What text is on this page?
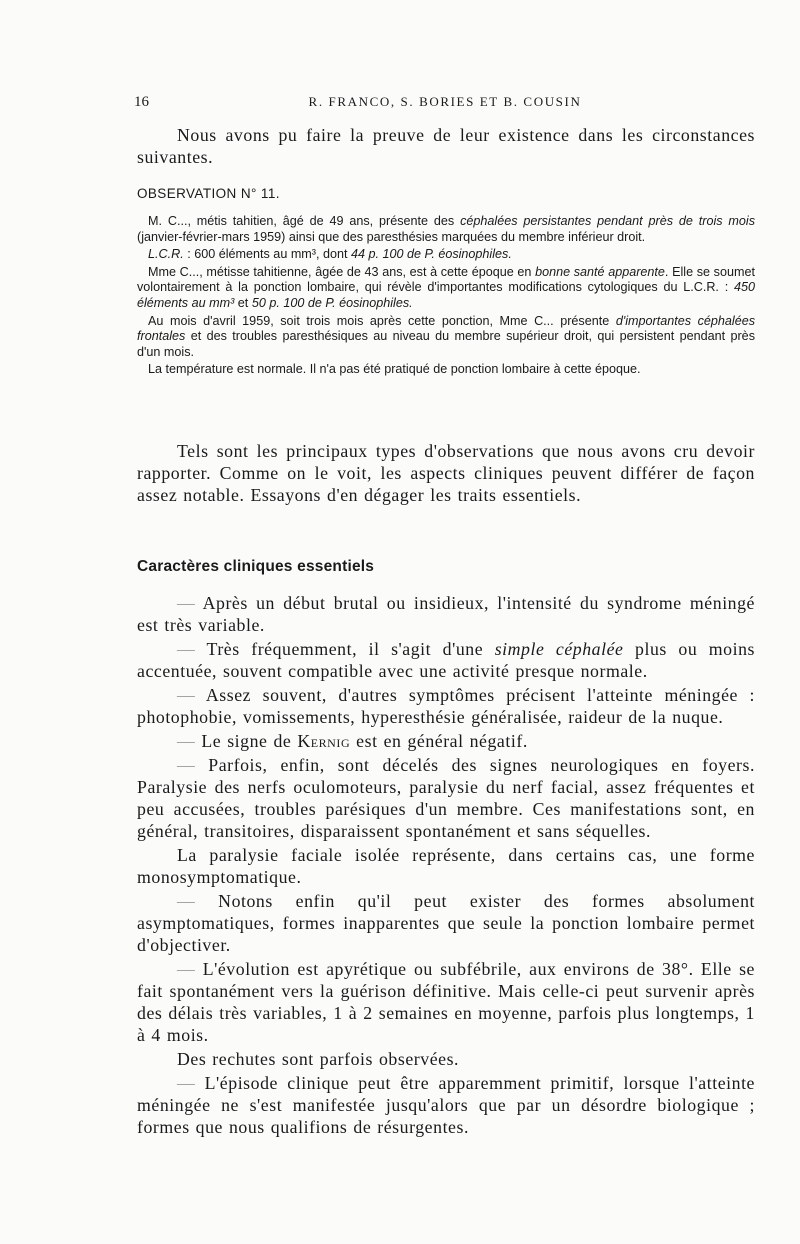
16	R. FRANCO, S. BORIES ET B. COUSIN

Nous avons pu faire la preuve de leur existence dans les circonstances suivantes.

OBSERVATION N° 11.

M. C..., métis tahitien, âgé de 49 ans, présente des céphalées persistantes pendant près de trois mois (janvier-février-mars 1959) ainsi que des paresthésies marquées du membre inférieur droit.

L.C.R. : 600 éléments au mm³, dont 44 p. 100 de P. éosinophiles.

Mme C..., métisse tahitienne, âgée de 43 ans, est à cette époque en bonne santé apparente. Elle se soumet volontairement à la ponction lombaire, qui révèle d'importantes modifications cytologiques du L.C.R. : 450 éléments au mm³ et 50 p. 100 de P. éosinophiles.

Au mois d'avril 1959, soit trois mois après cette ponction, Mme C... présente d'importantes céphalées frontales et des troubles paresthésiques au niveau du membre supérieur droit, qui persistent pendant près d'un mois.

La température est normale. Il n'a pas été pratiqué de ponction lombaire à cette époque.

Tels sont les principaux types d'observations que nous avons cru devoir rapporter. Comme on le voit, les aspects cliniques peuvent différer de façon assez notable. Essayons d'en dégager les traits essentiels.

Caractères cliniques essentiels

— Après un début brutal ou insidieux, l'intensité du syndrome méningé est très variable.

— Très fréquemment, il s'agit d'une simple céphalée plus ou moins accentuée, souvent compatible avec une activité presque normale.

— Assez souvent, d'autres symptômes précisent l'atteinte méningée : photophobie, vomissements, hyperesthésie généralisée, raideur de la nuque.

— Le signe de Kernig est en général négatif.

— Parfois, enfin, sont décelés des signes neurologiques en foyers. Paralysie des nerfs oculomoteurs, paralysie du nerf facial, assez fréquentes et peu accusées, troubles parésiques d'un membre. Ces manifestations sont, en général, transitoires, disparaissent spontanément et sans séquelles.

La paralysie faciale isolée représente, dans certains cas, une forme monosymptomatique.

— Notons enfin qu'il peut exister des formes absolument asymptomatiques, formes inapparentes que seule la ponction lombaire permet d'objectiver.

— L'évolution est apyrétique ou subfébrile, aux environs de 38°. Elle se fait spontanément vers la guérison définitive. Mais celle-ci peut survenir après des délais très variables, 1 à 2 semaines en moyenne, parfois plus longtemps, 1 à 4 mois.

Des rechutes sont parfois observées.

— L'épisode clinique peut être apparemment primitif, lorsque l'atteinte méningée ne s'est manifestée jusqu'alors que par un désordre biologique ; formes que nous qualifions de résurgentes.
